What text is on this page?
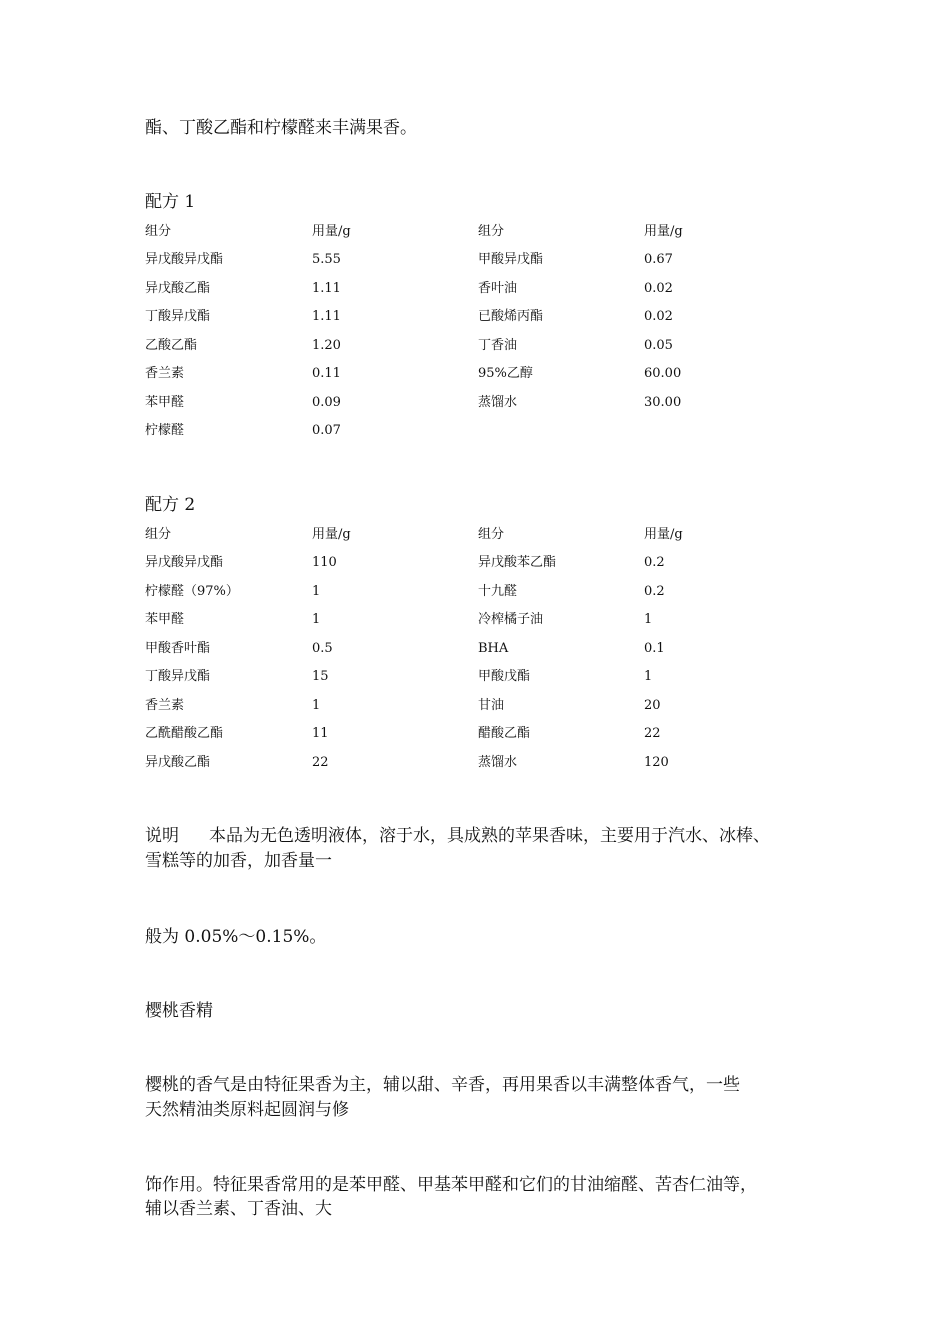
酯、丁酸乙酯和柠檬醛来丰满果香。
配方 1
组分	用量/g	组分	用量/g
异戊酸异戊酯	5.55	甲酸异戊酯	0.67
异戊酸乙酯	1.11	香叶油	0.02
丁酸异戊酯	1.11	已酸烯丙酯	0.02
乙酸乙酯	1.20	丁香油	0.05
香兰素	0.11	95%乙醇	60.00
苯甲醛	0.09	蒸馏水	30.00
柠檬醛	0.07
配方 2
组分	用量/g	组分	用量/g
异戊酸异戊酯	110	异戊酸苯乙酯	0.2
柠檬醛（97%）	1	十九醛	0.2
苯甲醛	1	冷榨橘子油	1
甲酸香叶酯	0.5	BHA	0.1
丁酸异戊酯	15	甲酸戊酯	1
香兰素	1	甘油	20
乙酰醋酸乙酯	11	醋酸乙酯	22
异戊酸乙酯	22	蒸馏水	120
说明 本品为无色透明液体，溶于水，具成熟的苹果香味，主要用于汽水、冰棒、
雪糕等的加香，加香量一
般为 0.05%～0.15%。
樱桃香精
樱桃的香气是由特征果香为主，辅以甜、辛香，再用果香以丰满整体香气，一些
天然精油类原料起圆润与修
饰作用。特征果香常用的是苯甲醛、甲基苯甲醛和它们的甘油缩醛、苦杏仁油等，
辅以香兰素、丁香油、大
